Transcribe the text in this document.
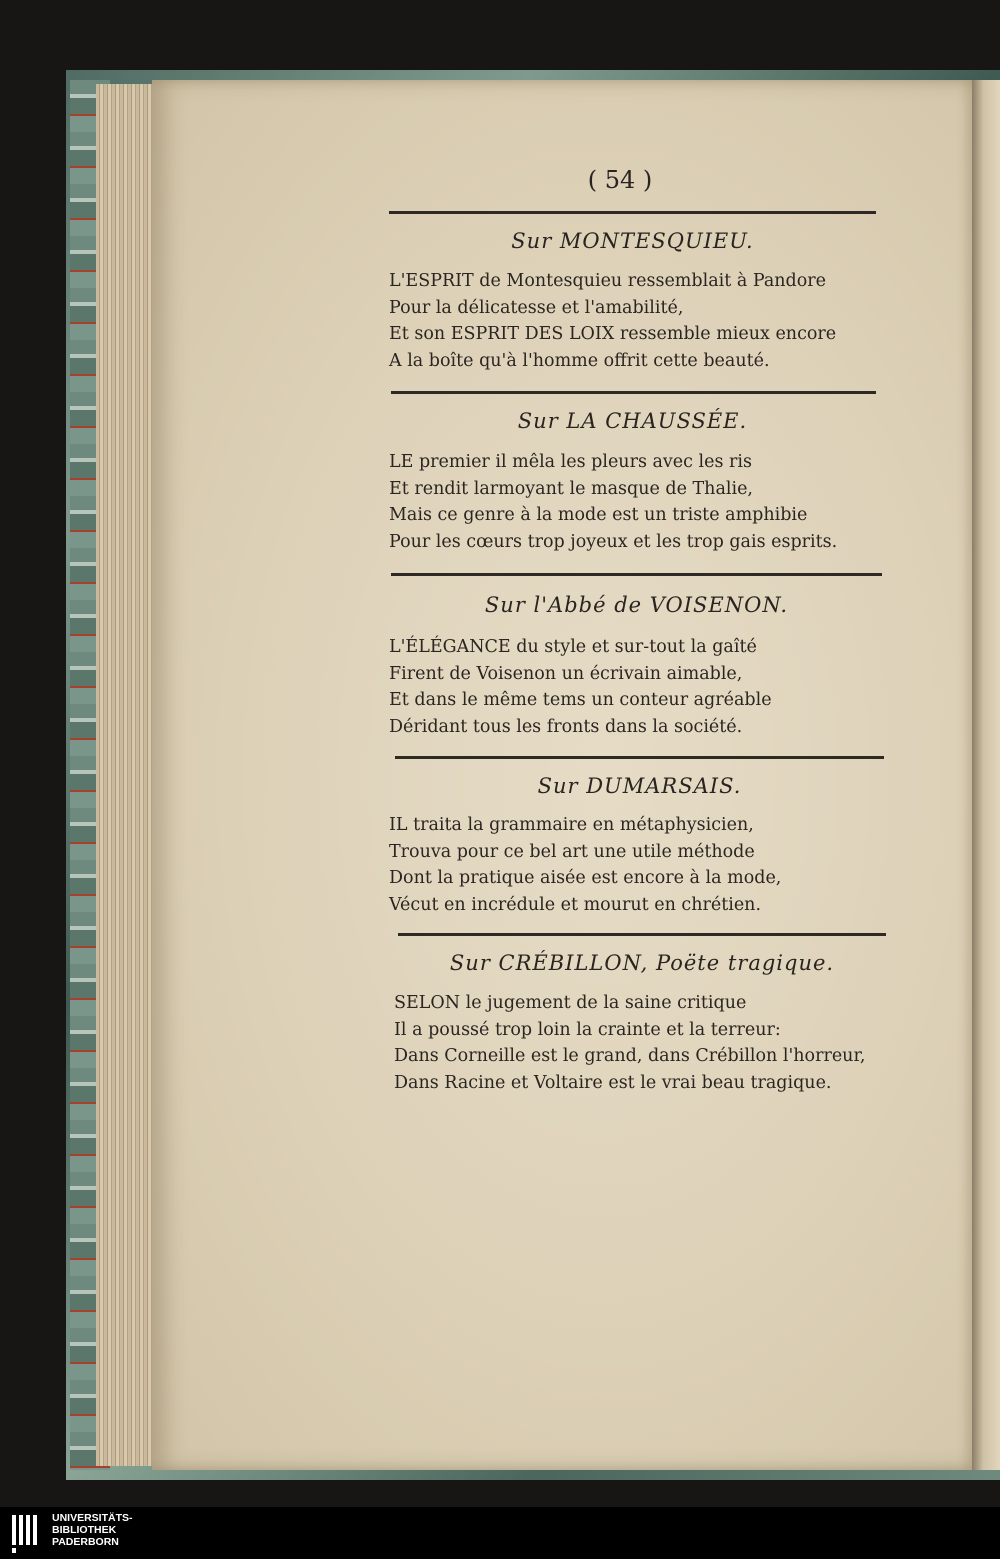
( 54 )
Sur MONTESQUIEU.
L'ESPRIT de Montesquieu ressemblait à Pandore
Pour la délicatesse et l'amabilité,
Et son ESPRIT DES LOIX ressemble mieux encore
A la boîte qu'à l'homme offrit cette beauté.
Sur LA CHAUSSÉE.
LE premier il mêla les pleurs avec les ris
Et rendit larmoyant le masque de Thalie,
Mais ce genre à la mode est un triste amphibie
Pour les cœurs trop joyeux et les trop gais esprits.
Sur l'Abbé de VOISENON.
L'ÉLÉGANCE du style et sur-tout la gaîté
Firent de Voisenon un écrivain aimable,
Et dans le même tems un conteur agréable
Déridant tous les fronts dans la société.
Sur DUMARSAIS.
IL traita la grammaire en métaphysicien,
Trouva pour ce bel art une utile méthode
Dont la pratique aisée est encore à la mode,
Vécut en incrédule et mourut en chrétien.
Sur CRÉBILLON, Poëte tragique.
SELON le jugement de la saine critique
Il a poussé trop loin la crainte et la terreur:
Dans Corneille est le grand, dans Crébillon l'horreur,
Dans Racine et Voltaire est le vrai beau tragique.
UNIVERSITÄTS-
BIBLIOTHEK
PADERBORN
